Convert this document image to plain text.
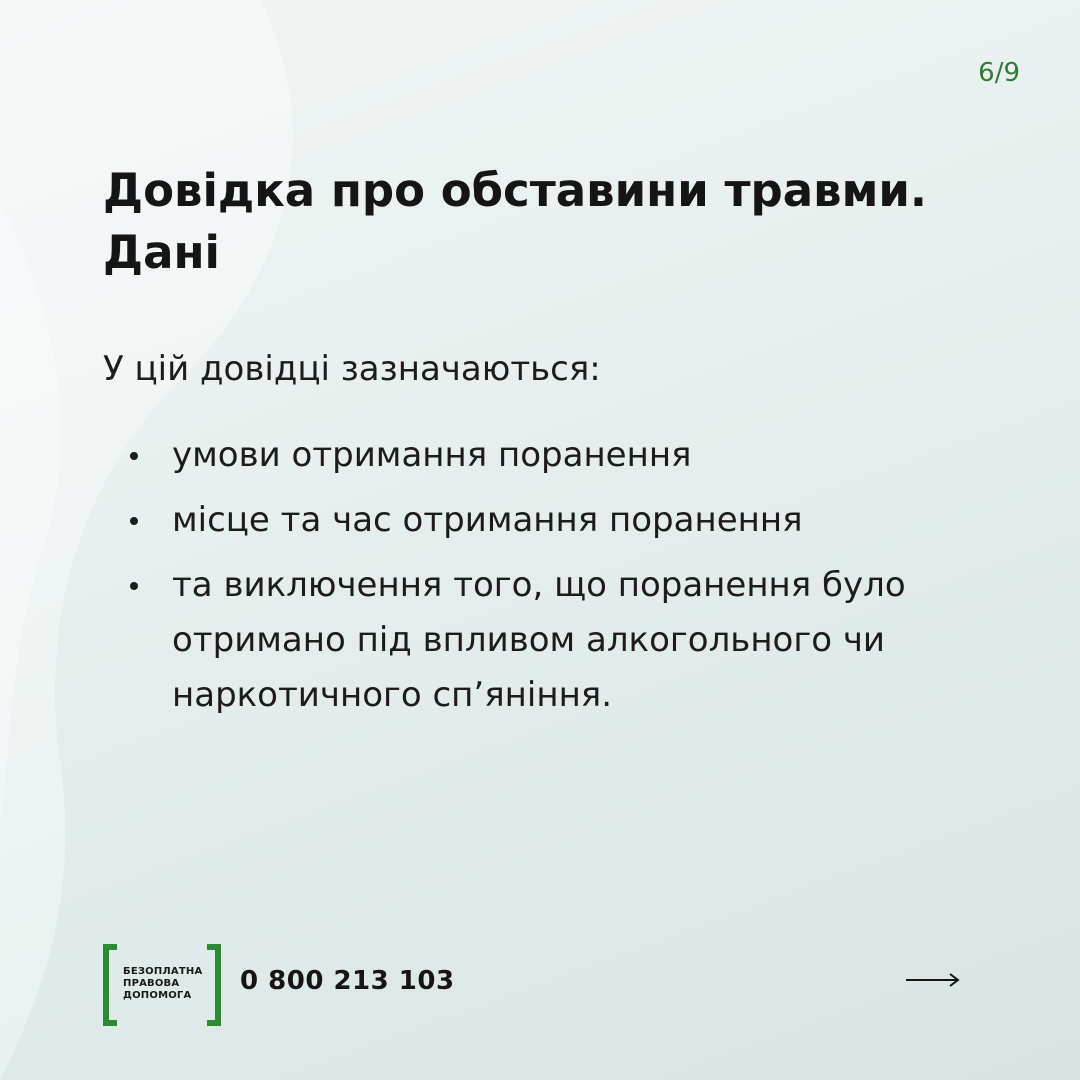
6/9
Довідка про обставини травми.
Дані

У цій довідці зазначаються:

умови отримання поранення
місце та час отримання поранення
та виключення того, що поранення було отримано під впливом алкогольного чи наркотичного сп’яніння.
БЕЗОПЛАТНА
ПРАВОВА
ДОПОМОГА	0 800 213 103
